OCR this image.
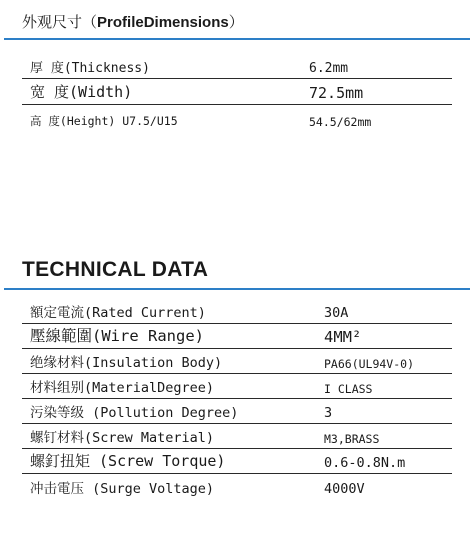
外观尺寸（ProfileDimensions）
厚 度(Thickness)	6.2mm
宽 度(Width)	72.5mm
高 度(Height) U7.5/U15	54.5/62mm
TECHNICAL DATA
額定電流(Rated Current)	30A
壓線範圍(Wire Range)	4MM²
绝缘材料(Insulation Body)	PA66(UL94V-0)
材料组别(MaterialDegree)	I CLASS
污染等级 (Pollution Degree)	3
螺钉材料(Screw Material)	M3,BRASS
螺釘扭矩 (Screw Torque)	0.6-0.8N.m
冲击電压 (Surge Voltage)	4000V
